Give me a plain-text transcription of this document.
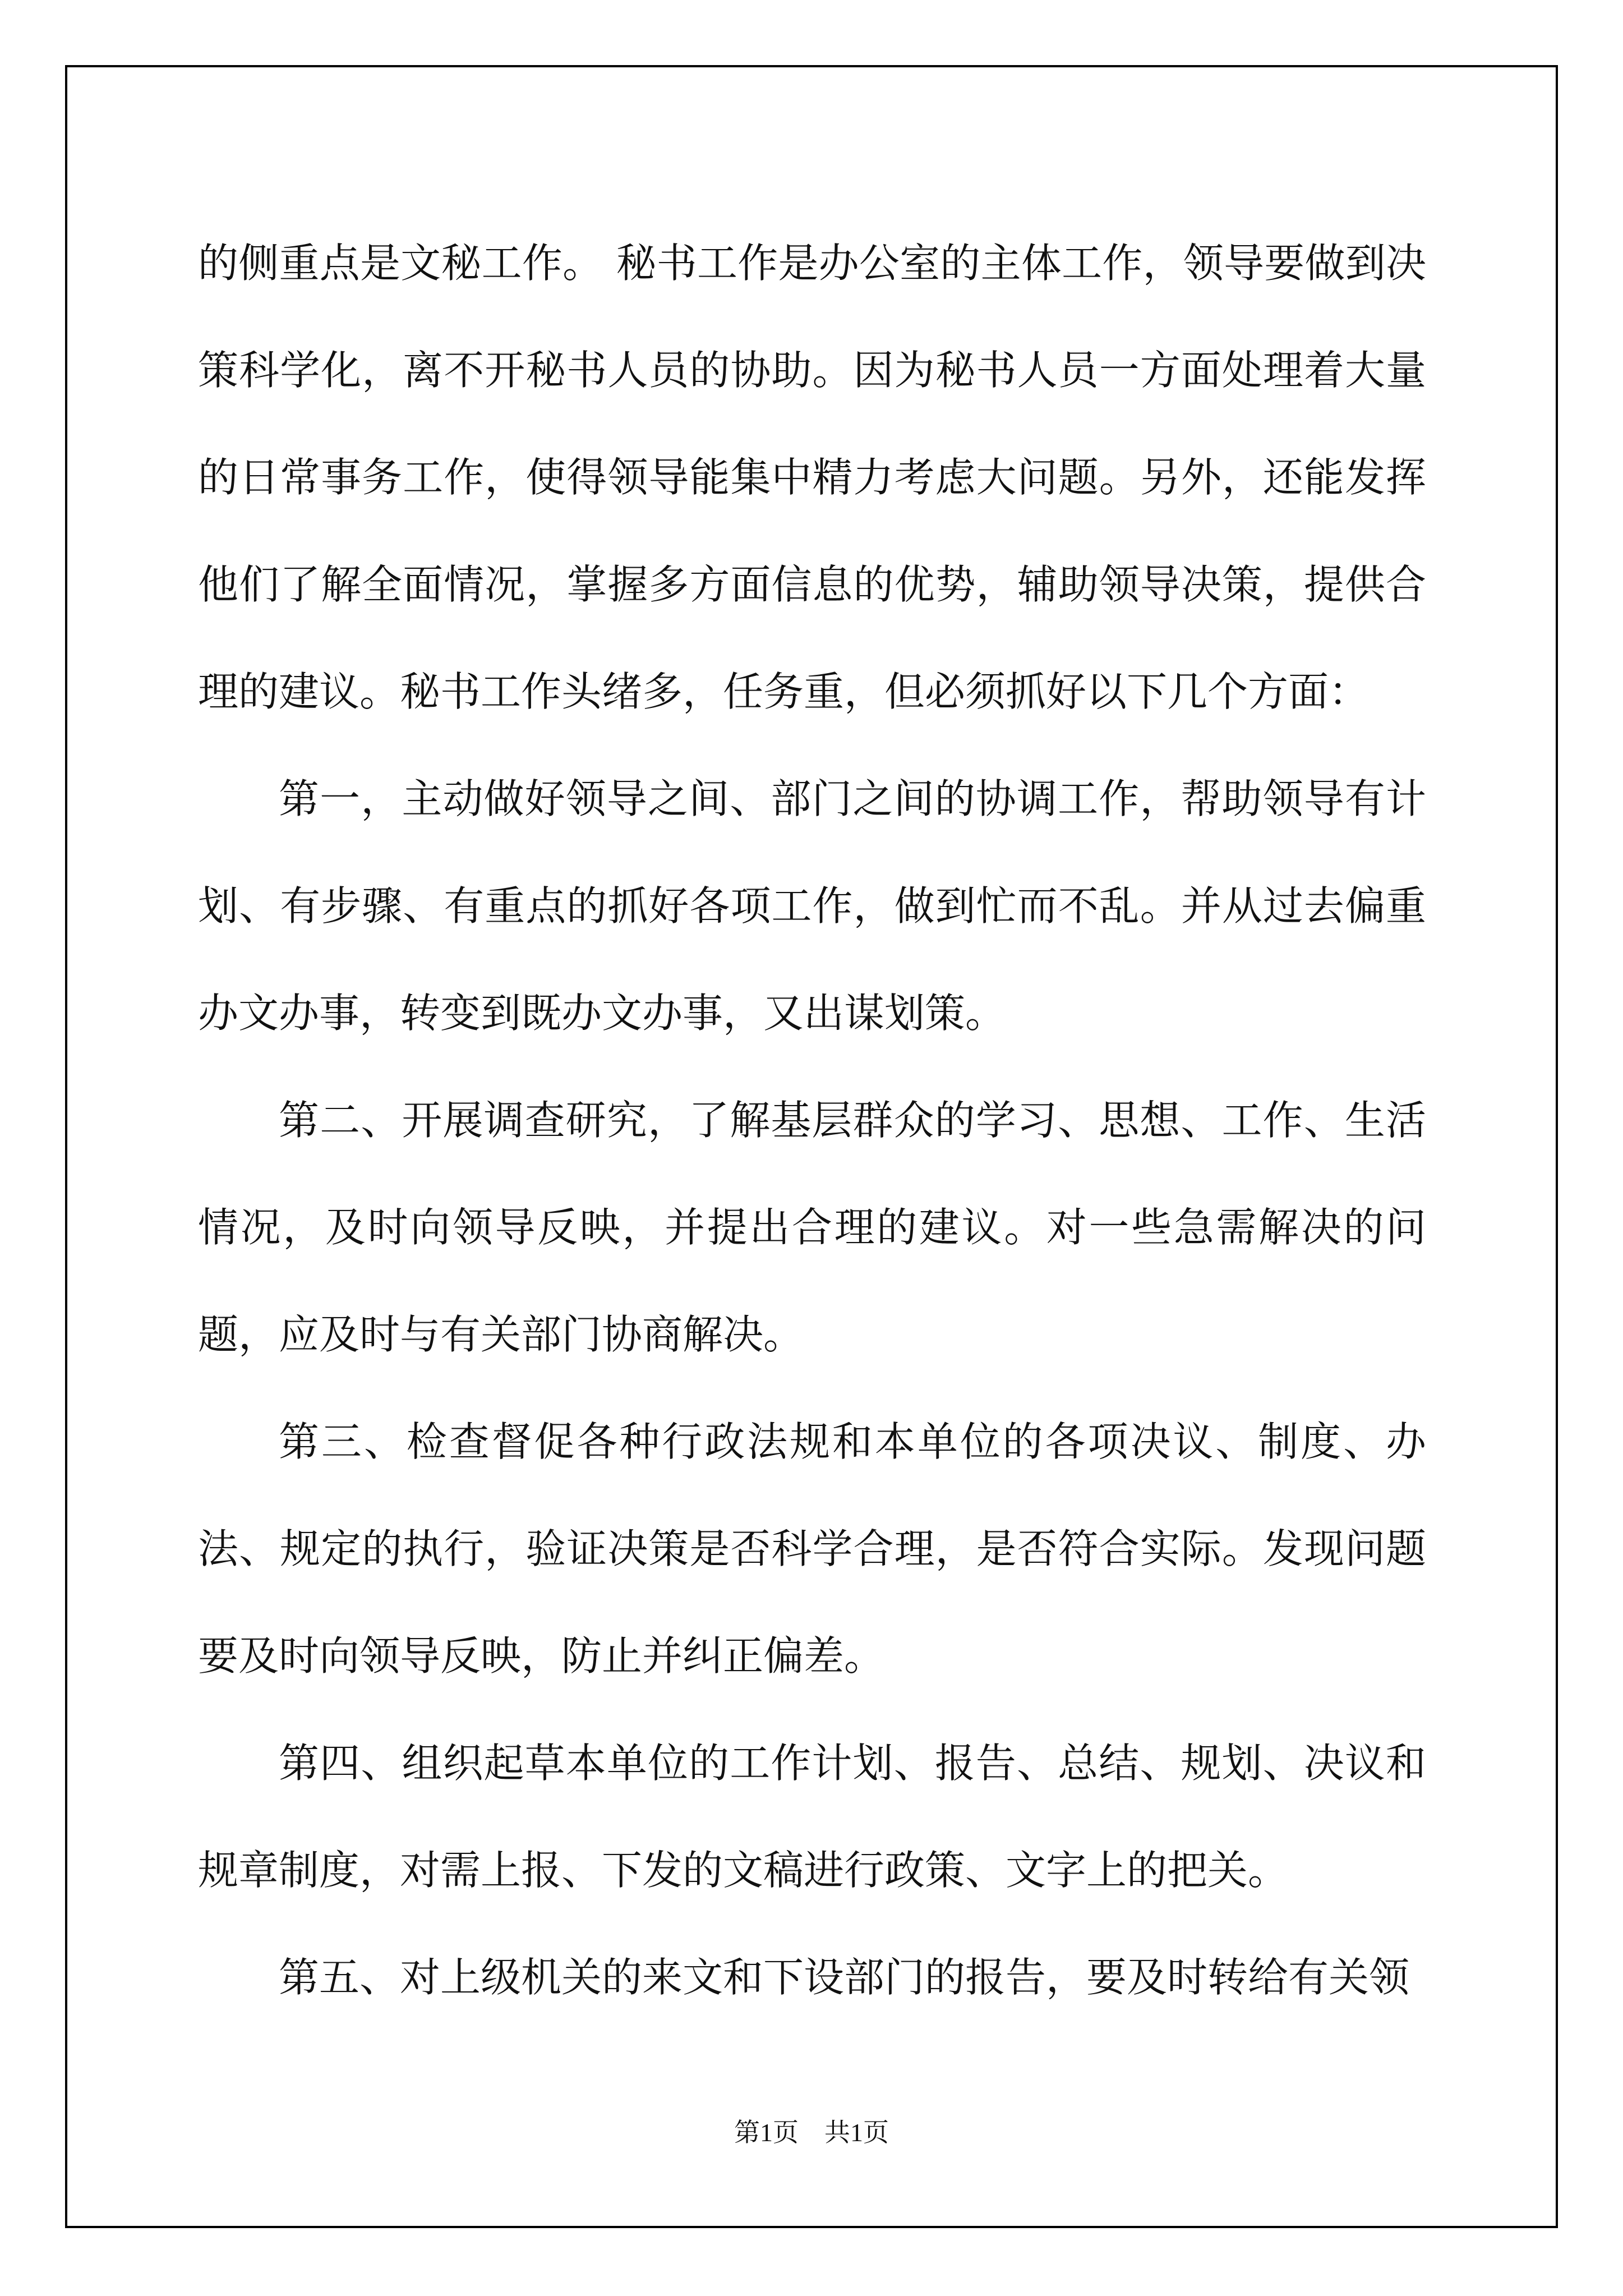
的侧重点是文秘工作。 秘书工作是办公室的主体工作，领导要做到决策科学化，离不开秘书人员的协助。因为秘书人员一方面处理着大量的日常事务工作，使得领导能集中精力考虑大问题。另外，还能发挥他们了解全面情况，掌握多方面信息的优势，辅助领导决策，提供合理的建议。秘书工作头绪多，任务重，但必须抓好以下几个方面：

第一，主动做好领导之间、部门之间的协调工作，帮助领导有计划、有步骤、有重点的抓好各项工作，做到忙而不乱。并从过去偏重办文办事，转变到既办文办事，又出谋划策。

第二、开展调查研究，了解基层群众的学习、思想、工作、生活情况，及时向领导反映，并提出合理的建议。对一些急需解决的问题，应及时与有关部门协商解决。

第三、检查督促各种行政法规和本单位的各项决议、制度、办法、规定的执行，验证决策是否科学合理，是否符合实际。发现问题要及时向领导反映，防止并纠正偏差。

第四、组织起草本单位的工作计划、报告、总结、规划、决议和规章制度，对需上报、下发的文稿进行政策、文字上的把关。

第五、对上级机关的来文和下设部门的报告，要及时转给有关领

第1页　共1页
